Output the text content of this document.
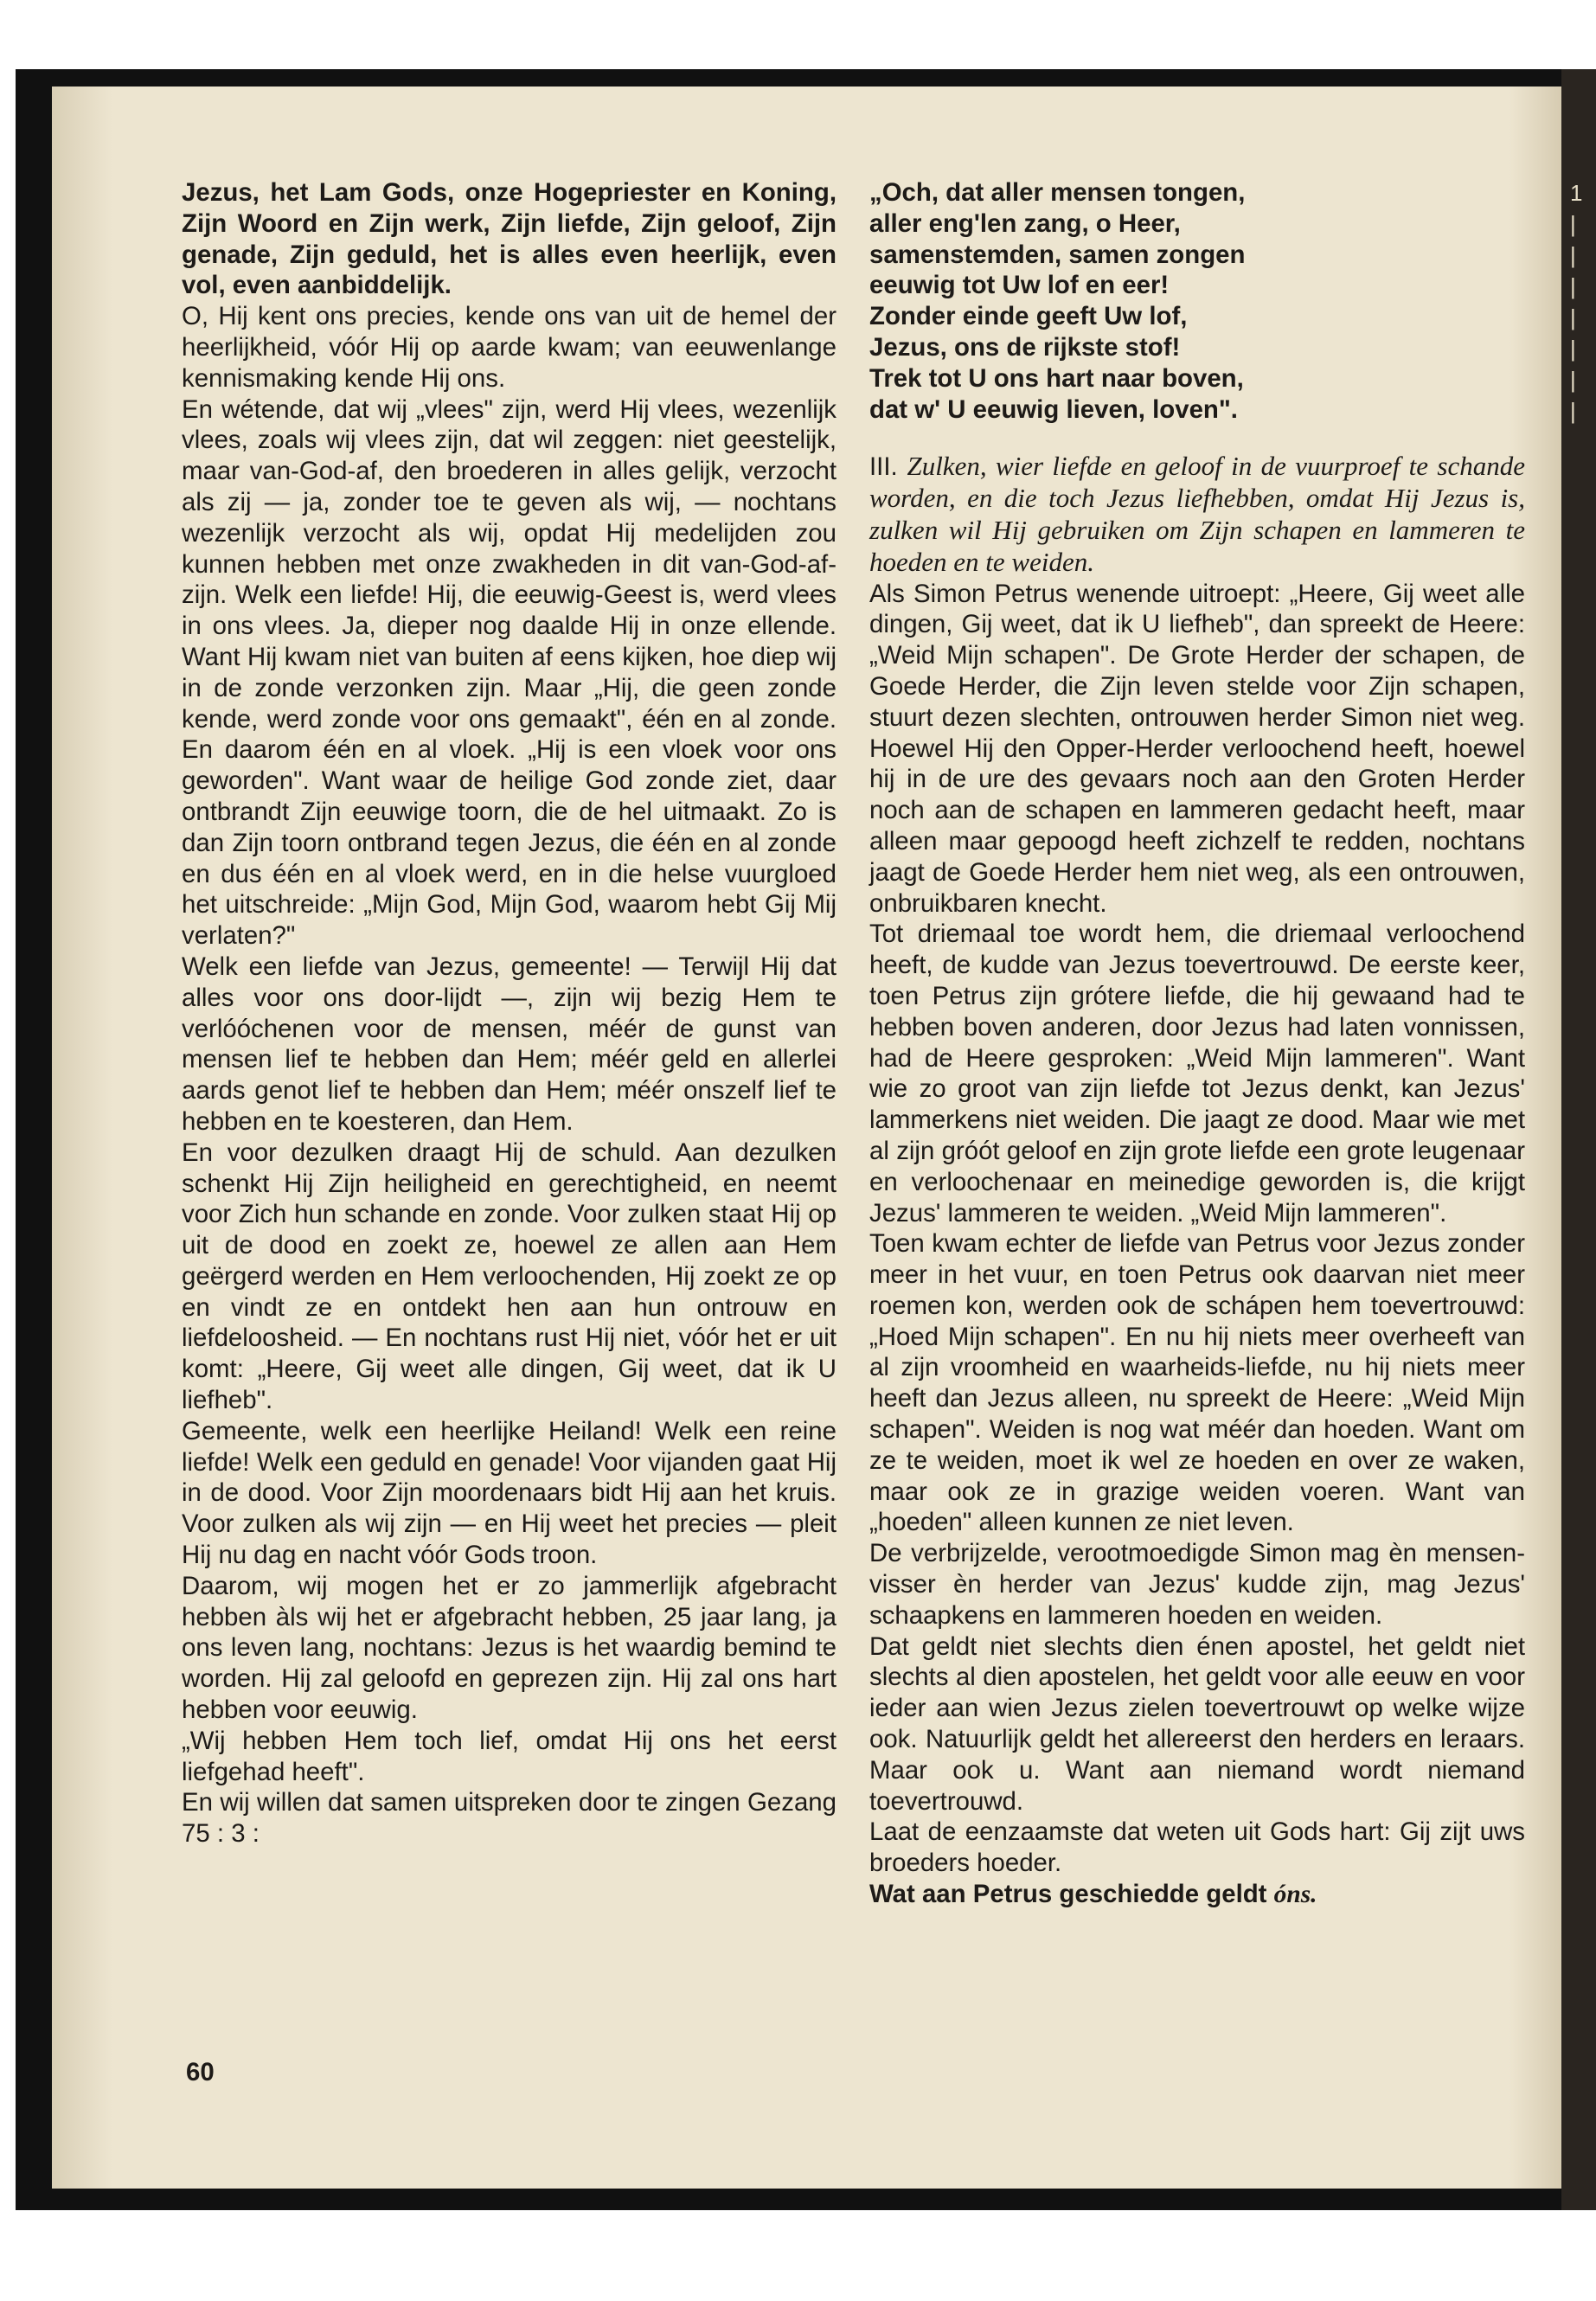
1
|
|
|
|
|
|
|

Jezus, het Lam Gods, onze Hogepriester en Koning, Zijn Woord en Zijn werk, Zijn liefde, Zijn geloof, Zijn genade, Zijn geduld, het is alles even heerlijk, even vol, even aanbiddelijk.

O, Hij kent ons precies, kende ons van uit de hemel der heerlijkheid, vóór Hij op aarde kwam; van eeuwenlange kennismaking kende Hij ons.

En wétende, dat wij „vlees" zijn, werd Hij vlees, wezenlijk vlees, zoals wij vlees zijn, dat wil zeggen: niet geestelijk, maar van-God-af, den broederen in alles gelijk, verzocht als zij — ja, zonder toe te geven als wij, — nochtans wezenlijk verzocht als wij, opdat Hij medelijden zou kunnen hebben met onze zwakheden in dit van-God-af-zijn. Welk een liefde! Hij, die eeuwig-Geest is, werd vlees in ons vlees. Ja, dieper nog daalde Hij in onze ellende. Want Hij kwam niet van buiten af eens kijken, hoe diep wij in de zonde verzonken zijn. Maar „Hij, die geen zonde kende, werd zonde voor ons gemaakt", één en al zonde. En daarom één en al vloek. „Hij is een vloek voor ons geworden". Want waar de heilige God zonde ziet, daar ontbrandt Zijn eeuwige toorn, die de hel uitmaakt. Zo is dan Zijn toorn ontbrand tegen Jezus, die één en al zonde en dus één en al vloek werd, en in die helse vuurgloed het uitschreide: „Mijn God, Mijn God, waarom hebt Gij Mij verlaten?"

Welk een liefde van Jezus, gemeente! — Terwijl Hij dat alles voor ons door-lijdt —, zijn wij bezig Hem te verlóóchenen voor de mensen, méér de gunst van mensen lief te hebben dan Hem; méér geld en allerlei aards genot lief te hebben dan Hem; méér onszelf lief te hebben en te koesteren, dan Hem.

En voor dezulken draagt Hij de schuld. Aan dezulken schenkt Hij Zijn heiligheid en gerechtigheid, en neemt voor Zich hun schande en zonde. Voor zulken staat Hij op uit de dood en zoekt ze, hoewel ze allen aan Hem geërgerd werden en Hem verloochenden, Hij zoekt ze op en vindt ze en ontdekt hen aan hun ontrouw en liefdeloosheid. — En nochtans rust Hij niet, vóór het er uit komt: „Heere, Gij weet alle dingen, Gij weet, dat ik U liefheb".

Gemeente, welk een heerlijke Heiland! Welk een reine liefde! Welk een geduld en genade! Voor vijanden gaat Hij in de dood. Voor Zijn moordenaars bidt Hij aan het kruis. Voor zulken als wij zijn — en Hij weet het precies — pleit Hij nu dag en nacht vóór Gods troon.

Daarom, wij mogen het er zo jammerlijk afgebracht hebben àls wij het er afgebracht hebben, 25 jaar lang, ja ons leven lang, nochtans: Jezus is het waardig bemind te worden. Hij zal geloofd en geprezen zijn. Hij zal ons hart hebben voor eeuwig.

„Wij hebben Hem toch lief, omdat Hij ons het eerst liefgehad heeft".

En wij willen dat samen uitspreken door te zingen Gezang 75 : 3 :

60

„Och, dat aller mensen tongen,

aller eng'len zang, o Heer,

samenstemden, samen zongen

eeuwig tot Uw lof en eer!

Zonder einde geeft Uw lof,

Jezus, ons de rijkste stof!

Trek tot U ons hart naar boven,

dat w' U eeuwig lieven, loven".

III. Zulken, wier liefde en geloof in de vuurproef te schande worden, en die toch Jezus liefhebben, omdat Hij Jezus is, zulken wil Hij gebruiken om Zijn schapen en lammeren te hoeden en te weiden.

Als Simon Petrus wenende uitroept: „Heere, Gij weet alle dingen, Gij weet, dat ik U liefheb", dan spreekt de Heere: „Weid Mijn schapen". De Grote Herder der schapen, de Goede Herder, die Zijn leven stelde voor Zijn schapen, stuurt dezen slechten, ontrouwen herder Simon niet weg. Hoewel Hij den Opper-Herder verloochend heeft, hoewel hij in de ure des gevaars noch aan den Groten Herder noch aan de schapen en lammeren gedacht heeft, maar alleen maar gepoogd heeft zichzelf te redden, nochtans jaagt de Goede Herder hem niet weg, als een ontrouwen, onbruikbaren knecht.

Tot driemaal toe wordt hem, die driemaal verloochend heeft, de kudde van Jezus toevertrouwd. De eerste keer, toen Petrus zijn grótere liefde, die hij gewaand had te hebben boven anderen, door Jezus had laten vonnissen, had de Heere gesproken: „Weid Mijn lammeren". Want wie zo groot van zijn liefde tot Jezus denkt, kan Jezus' lammerkens niet weiden. Die jaagt ze dood. Maar wie met al zijn gróót geloof en zijn grote liefde een grote leugenaar en verloochenaar en meinedige geworden is, die krijgt Jezus' lammeren te weiden. „Weid Mijn lammeren".

Toen kwam echter de liefde van Petrus voor Jezus zonder meer in het vuur, en toen Petrus ook daarvan niet meer roemen kon, werden ook de schápen hem toevertrouwd: „Hoed Mijn schapen". En nu hij niets meer overheeft van al zijn vroomheid en waarheids-liefde, nu hij niets meer heeft dan Jezus alleen, nu spreekt de Heere: „Weid Mijn schapen". Weiden is nog wat méér dan hoeden. Want om ze te weiden, moet ik wel ze hoeden en over ze waken, maar ook ze in grazige weiden voeren. Want van „hoeden" alleen kunnen ze niet leven.

De verbrijzelde, verootmoedigde Simon mag èn mensen-visser èn herder van Jezus' kudde zijn, mag Jezus' schaapkens en lammeren hoeden en weiden.

Dat geldt niet slechts dien énen apostel, het geldt niet slechts al dien apostelen, het geldt voor alle eeuw en voor ieder aan wien Jezus zielen toevertrouwt op welke wijze ook. Natuurlijk geldt het allereerst den herders en leraars. Maar ook u. Want aan niemand wordt niemand toevertrouwd.

Laat de eenzaamste dat weten uit Gods hart: Gij zijt uws broeders hoeder.

Wat aan Petrus geschiedde geldt óns.
